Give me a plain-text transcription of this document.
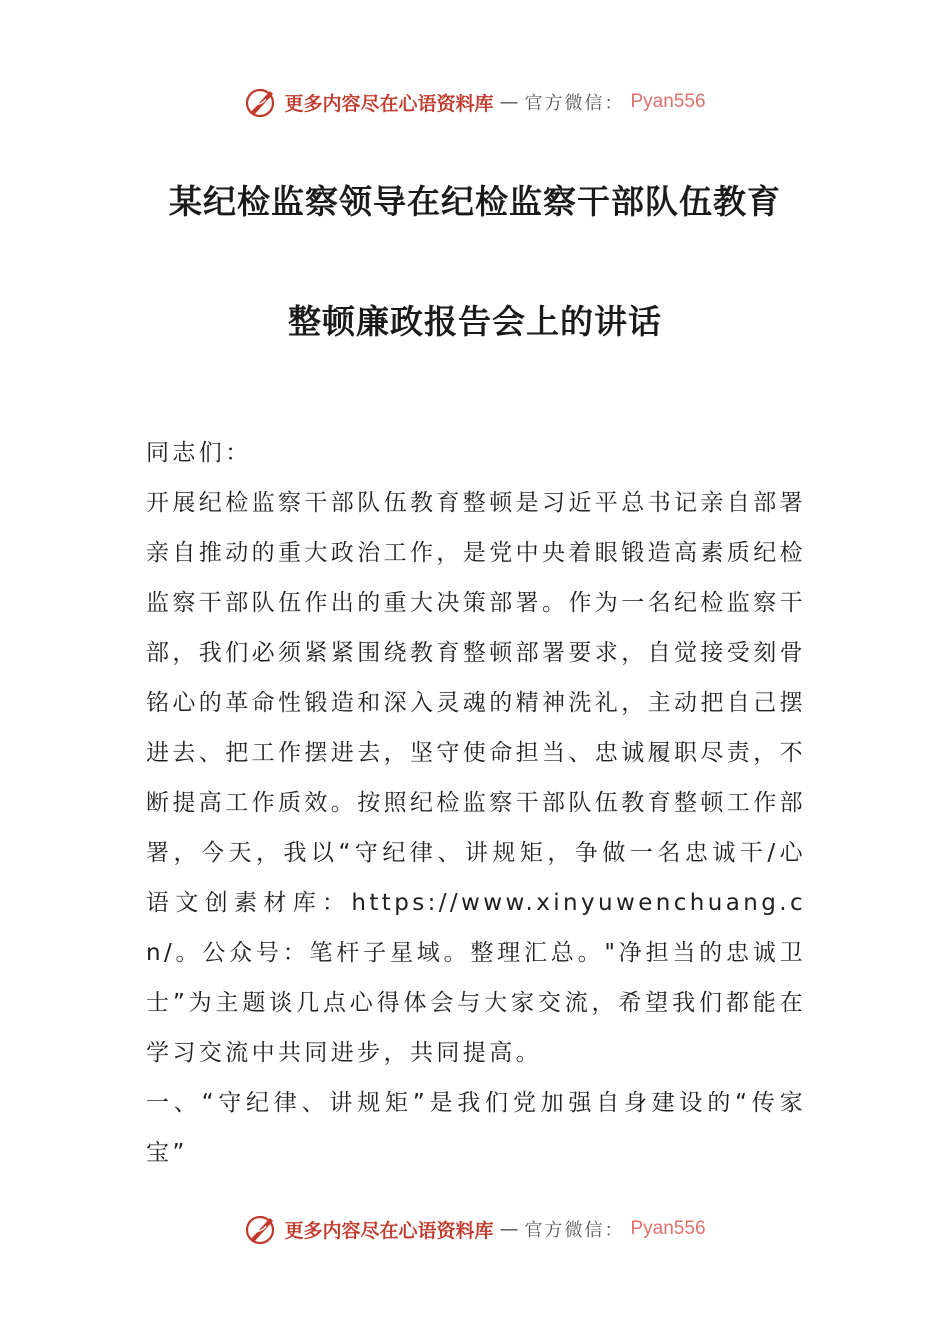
更多内容尽在心语资料库 — 官方微信： Pyan556
某纪检监察领导在纪检监察干部队伍教育
整顿廉政报告会上的讲话

同志们：

开展纪检监察干部队伍教育整顿是习近平总书记亲自部署亲自推动的重大政治工作，是党中央着眼锻造高素质纪检监察干部队伍作出的重大决策部署。作为一名纪检监察干部，我们必须紧紧围绕教育整顿部署要求，自觉接受刻骨铭心的革命性锻造和深入灵魂的精神洗礼，主动把自己摆进去、把工作摆进去，坚守使命担当、忠诚履职尽责，不断提高工作质效。按照纪检监察干部队伍教育整顿工作部署，今天，我以“守纪律、讲规矩，争做一名忠诚干/心语文创素材库：https://www.xinyuwenchuang.cn/。公众号：笔杆子星域。整理汇总。"净担当的忠诚卫士”为主题谈几点心得体会与大家交流，希望我们都能在学习交流中共同进步，共同提高。

一、“守纪律、讲规矩”是我们党加强自身建设的“传家宝”

更多内容尽在心语资料库 — 官方微信： Pyan556
